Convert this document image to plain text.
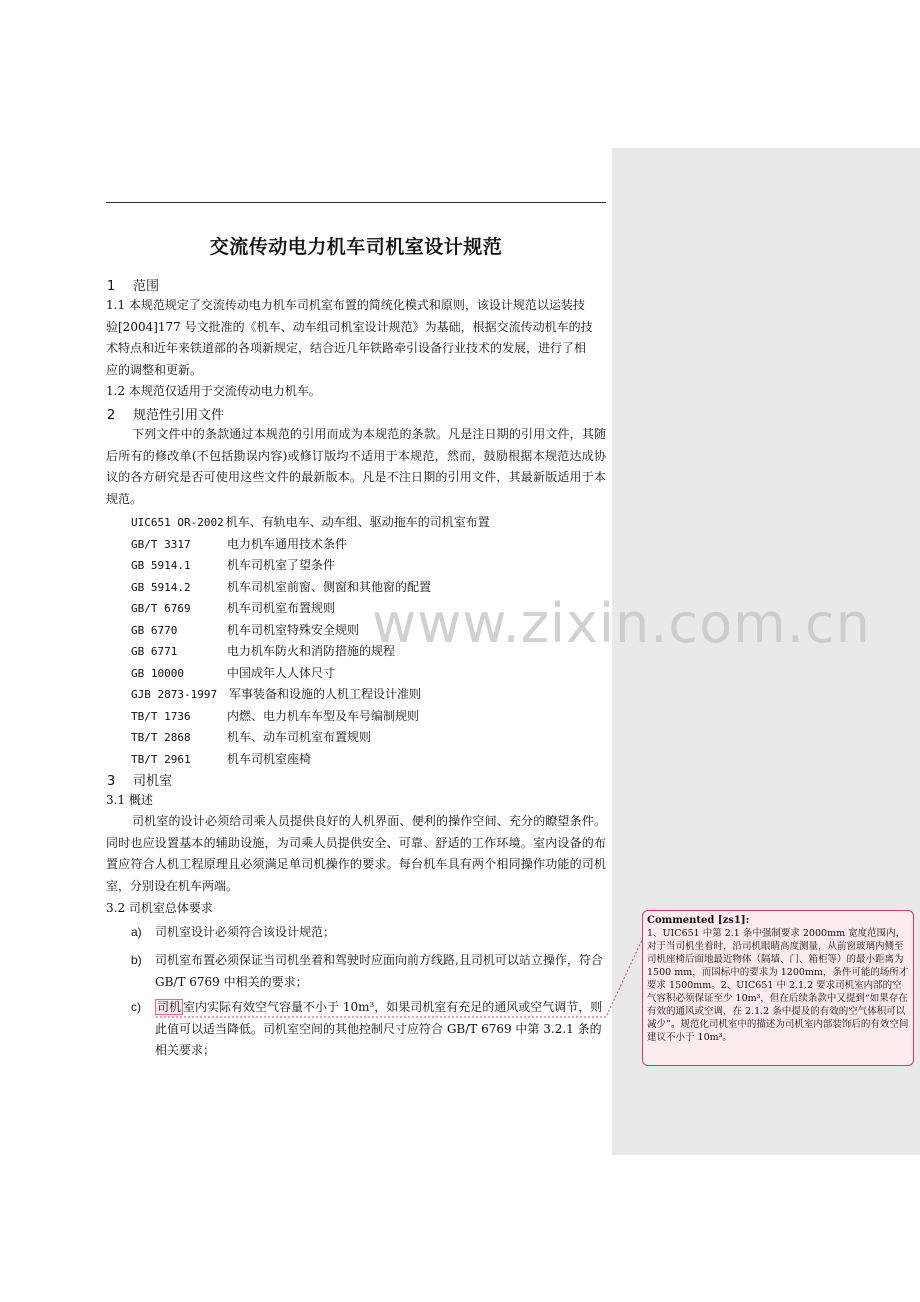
交流传动电力机车司机室设计规范
1 范围
1.1 本规范规定了交流传动电力机车司机室布置的简统化模式和原则，该设计规范以运装技
验[2004]177 号文批准的《机车、动车组司机室设计规范》为基础，根据交流传动机车的技
术特点和近年来铁道部的各项新规定，结合近几年铁路牵引设备行业技术的发展，进行了相
应的调整和更新。
1.2 本规范仅适用于交流传动电力机车。
2 规范性引用文件
下列文件中的条款通过本规范的引用而成为本规范的条款。凡是注日期的引用文件，其随后所有的修改单(不包括勘误内容)或修订版均不适用于本规范，然而，鼓励根据本规范达成协议的各方研究是否可使用这些文件的最新版本。凡是不注日期的引用文件，其最新版适用于本规范。
UIC651 OR-2002 机车、有轨电车、动车组、驱动拖车的司机室布置
GB/T 3317	电力机车通用技术条件
GB 5914.1	机车司机室了望条件
GB 5914.2	机车司机室前窗、侧窗和其他窗的配置
GB/T 6769	机车司机室布置规则
GB 6770	机车司机室特殊安全规则
GB 6771	电力机车防火和消防措施的规程
GB 10000	中国成年人人体尺寸
GJB 2873-1997 军事装备和设施的人机工程设计准则
TB/T 1736	内燃、电力机车车型及车号编制规则
TB/T 2868	机车、动车司机室布置规则
TB/T 2961	机车司机室座椅
3 司机室
3.1 概述
司机室的设计必须给司乘人员提供良好的人机界面、便利的操作空间、充分的瞭望条件。同时也应设置基本的辅助设施，为司乘人员提供安全、可靠、舒适的工作环境。室内设备的布置应符合人机工程原理且必须满足单司机操作的要求。每台机车具有两个相同操作功能的司机室，分别设在机车两端。
3.2 司机室总体要求
a) 司机室设计必须符合该设计规范；
b) 司机室布置必须保证当司机坐着和驾驶时应面向前方线路,且司机可以站立操作，符合 GB/T 6769 中相关的要求；
c) 司机 室内实际有效空气容量不小于 10m³，如果司机室有充足的通风或空气调节，则此值可以适当降低。司机室空间的其他控制尺寸应符合 GB/T 6769 中第 3.2.1 条的相关要求；
www.zixin.com.cn
Commented [zs1]:
1、UIC651 中第 2.1 条中强制要求 2000mm 宽度范围内，对于当司机坐着时，沿司机眼睛高度测量，从前窗玻璃内侧至司机座椅后面地最近物体（隔墙、门、箱柜等）的最小距离为 1500 mm，而国标中的要求为 1200mm，条件可能的场所才要求 1500mm。2、UIC651 中 2.1.2 要求司机室内部的空气容积必须保证至少 10m³，但在后续条款中又提到“如果存在有效的通风或空调，在 2.1.2 条中提及的有效的空气体积可以减少”。规范化司机室中的描述为司机室内部装饰后的有效空间建议不小于 10m³。
